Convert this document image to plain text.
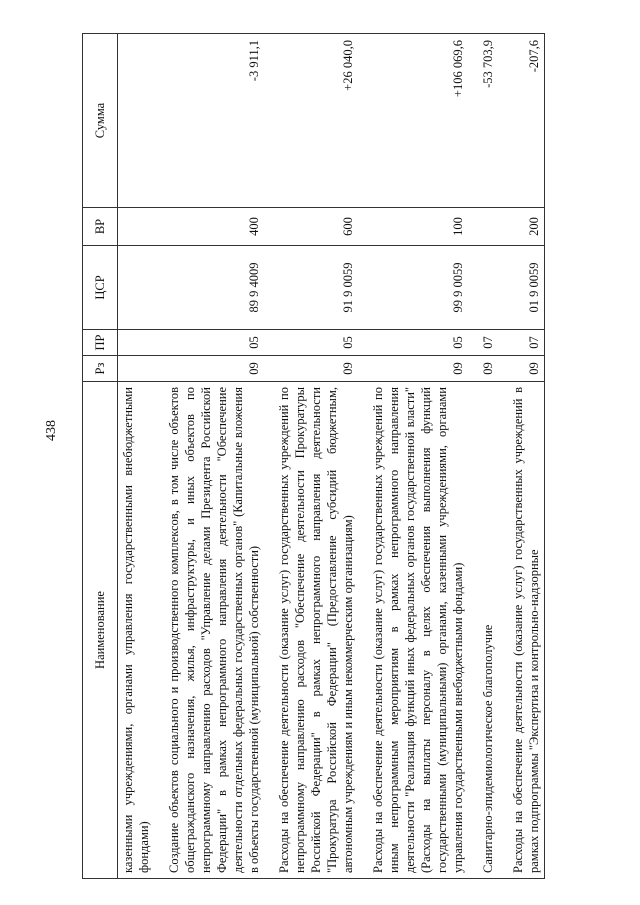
438
Наименование	Рз	ПР	ЦСР	ВР	Сумма
казенными учреждениями, органами управления государственными внебюджетными фондами)					

Создание объектов социального и производственного комплексов, в том числе объектов общегражданского назначения, жилья, инфраструктуры, и иных объектов по непрограммному направлению расходов "Управление делами Президента Российской Федерации" в рамках непрограммного направления деятельности "Обеспечение деятельности отдельных федеральных государственных органов" (Капитальные вложения в объекты государственной (муниципальной) собственности)	09	05	89 9 4009	400	-3 911,1

Расходы на обеспечение деятельности (оказание услуг) государственных учреждений по непрограммному направлению расходов "Обеспечение деятельности Прокуратуры Российской Федерации" в рамках непрограммного направления деятельности "Прокуратура Российской Федерации" (Предоставление субсидий бюджетным, автономным учреждениям и иным некоммерческим организациям)	09	05	91 9 0059	600	+26 040,0

Расходы на обеспечение деятельности (оказание услуг) государственных учреждений по иным непрограммным мероприятиям в рамках непрограммного направления деятельности "Реализация функций иных федеральных органов государственной власти" (Расходы на выплаты персоналу в целях обеспечения выполнения функций государственными (муниципальными) органами, казенными учреждениями, органами управления государственными внебюджетными фондами)	09	05	99 9 0059	100	+106 069,6

Санитарно-эпидемиологическое благополучие	09	07			-53 703,9

Расходы на обеспечение деятельности (оказание услуг) государственных учреждений в рамках подпрограммы "Экспертиза и контрольно-надзорные	09	07	01 9 0059	200	-207,6
